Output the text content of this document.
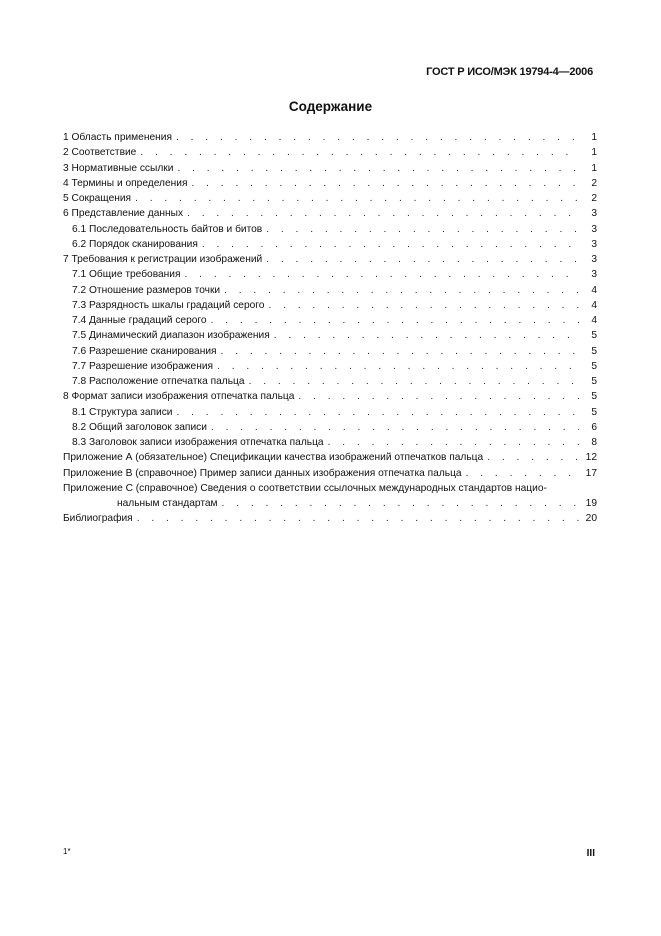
ГОСТ Р ИСО/МЭК 19794-4—2006
Содержание
1 Область применения . . .	1
2 Соответствие . . .	1
3 Нормативные ссылки . . .	1
4 Термины и определения . . .	2
5 Сокращения . . .	2
6 Представление данных . . .	3
6.1 Последовательность байтов и битов . . .	3
6.2 Порядок сканирования . . .	3
7 Требования к регистрации изображений . . .	3
7.1 Общие требования . . .	3
7.2 Отношение размеров точки . . .	4
7.3 Разрядность шкалы градаций серого . . .	4
7.4 Данные градаций серого . . .	4
7.5 Динамический диапазон изображения . . .	5
7.6 Разрешение сканирования . . .	5
7.7 Разрешение изображения . . .	5
7.8 Расположение отпечатка пальца . . .	5
8 Формат записи изображения отпечатка пальца . . .	5
8.1 Структура записи . . .	5
8.2 Общий заголовок записи . . .	6
8.3 Заголовок записи изображения отпечатка пальца . . .	8
Приложение А (обязательное) Спецификации качества изображений отпечатков пальца . . .	12
Приложение В (справочное) Пример записи данных изображения отпечатка пальца . . .	17
Приложение С (справочное) Сведения о соответствии ссылочных международных стандартов нацио-
нальным стандартам . . .	19
Библиография . . .	20
1*	III
